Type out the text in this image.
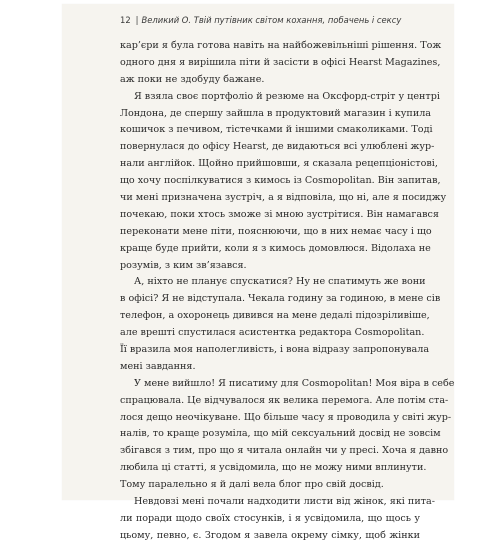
12 | Великий О. Твій путівник світом кохання, побачень і сексу
кар’єри я була готова навіть на найбожевільніші рішення. Тож
одного дня я вирішила піти й засісти в офісі Hearst Magazines,
аж поки не здобуду бажане.
Я взяла своє портфоліо й резюме на Оксфорд-стріт у центрі
Лондона, де спершу зайшла в продуктовий магазин і купила
кошичок з печивом, тістечками й іншими смаколиками. Тоді
повернулася до офісу Hearst, де видаються всі улюблені жур-
нали англійок. Щойно прийшовши, я сказала рецепціоністові,
що хочу поспілкуватися з кимось із Cosmopolitan. Він запитав,
чи мені призначена зустріч, а я відповіла, що ні, але я посиджу
почекаю, поки хтось зможе зі мною зустрітися. Він намагався
переконати мене піти, пояснюючи, що в них немає часу і що
краще буде прийти, коли я з кимось домовлюся. Відолаха не
розумів, з ким зв’язався.
А, ніхто не планує спускатися? Ну не спатимуть же вони
в офісі? Я не відступала. Чекала годину за годиною, в мене сів
телефон, а охоронець дивився на мене дедалі підозріливіше,
але врешті спустилася асистентка редактора Cosmopolitan.
Її вразила моя наполегливість, і вона відразу запропонувала
мені завдання.
У мене вийшло! Я писатиму для Cosmopolitan! Моя віра в себе
спрацювала. Це відчувалося як велика перемога. Але потім ста-
лося дещо неочікуване. Що більше часу я проводила у світі жур-
налів, то краще розуміла, що мій сексуальний досвід не зовсім
збігався з тим, про що я читала онлайн чи у пресі. Хоча я давно
любила ці статті, я усвідомила, що не можу ними вплинути.
Тому паралельно я й далі вела блог про свій досвід.
Невдовзі мені почали надходити листи від жінок, які пита-
ли поради щодо своїх стосунків, і я усвідомила, що щось у
цьому, певно, є. Згодом я завела окрему сімку, щоб жінки
